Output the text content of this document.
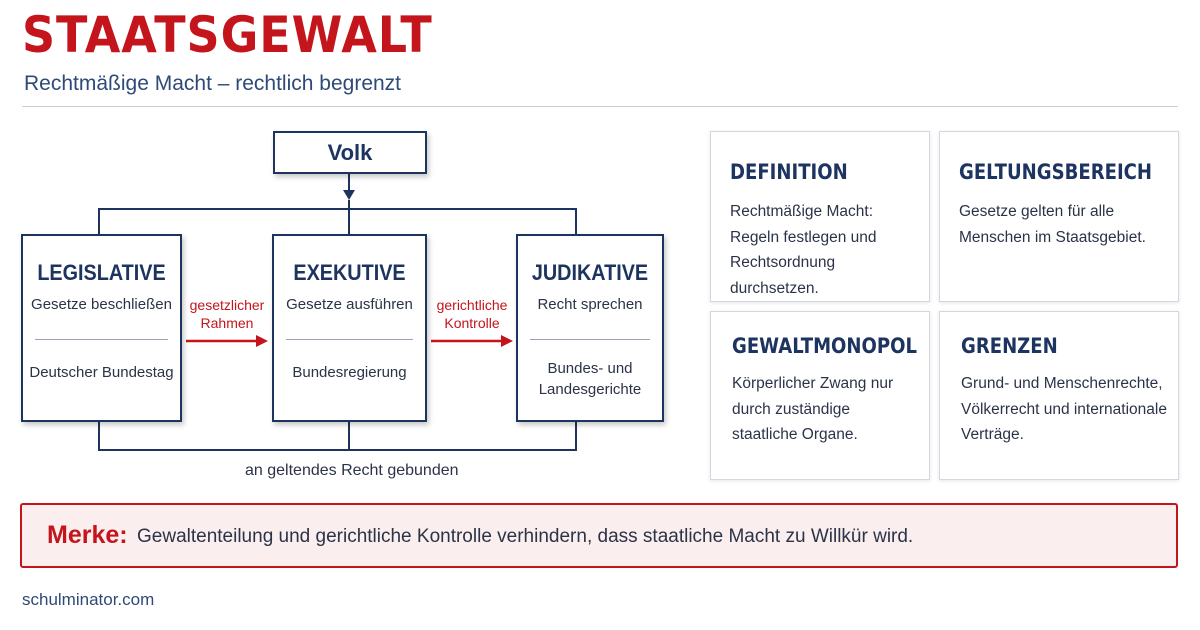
STAATSGEWALT
Rechtmäßige Macht – rechtlich begrenzt
Volk
LEGISLATIVE
Gesetze beschließen
Deutscher Bundestag
EXEKUTIVE
Gesetze ausführen
Bundesregierung
JUDIKATIVE
Recht sprechen
Bundes- und Landesgerichte
gesetzlicher
Rahmen
gerichtliche
Kontrolle
an geltendes Recht gebunden
DEFINITION
Rechtmäßige Macht: Regeln festlegen und Rechtsordnung durchsetzen.
GELTUNGSBEREICH
Gesetze gelten für alle Menschen im Staatsgebiet.
GEWALTMONOPOL
Körperlicher Zwang nur durch zuständige staatliche Organe.
GRENZEN
Grund- und Menschenrechte, Völkerrecht und internationale Verträge.
Merke: Gewaltenteilung und gerichtliche Kontrolle verhindern, dass staatliche Macht zu Willkür wird.
schulminator.com
